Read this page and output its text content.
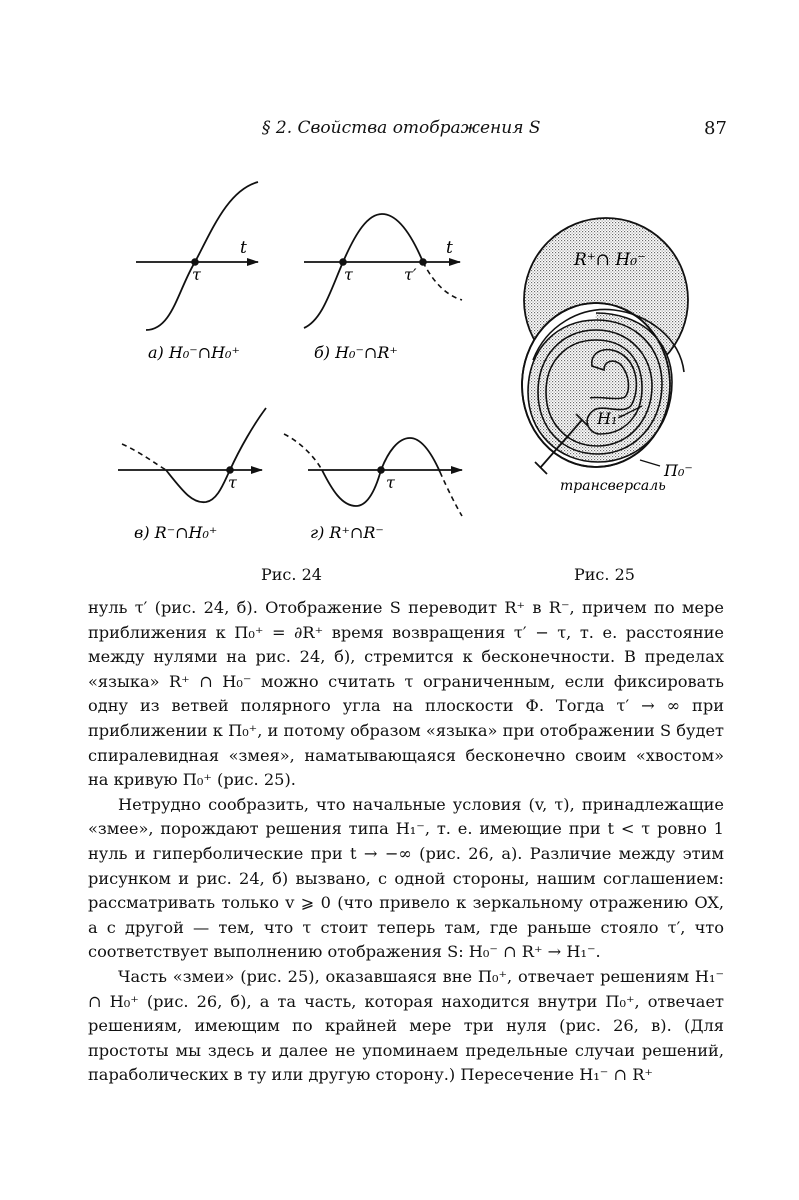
§ 2. Свойства отображения S	87
t
τ
а) H₀⁻∩H₀⁺
t
τ	τ′
б) H₀⁻∩R⁺
τ
в) R⁻∩H₀⁺
τ
г) R⁺∩R⁻
R⁺∩ H₀⁻
H₁⁻
Π₀⁻
трансверсаль
Рис. 24	Рис. 25

нуль τ′ (рис. 24, б). Отображение S переводит R⁺ в R⁻, причем по мере приближения к Π₀⁺ = ∂R⁺ время возвращения τ′ − τ, т. е. расстояние между нулями на рис. 24, б), стремится к бесконечности. В пределах «языка» R⁺ ∩ H₀⁻ можно считать τ ограниченным, если фиксировать одну из ветвей полярного угла на плоскости Φ. Тогда τ′ → ∞ при приближении к Π₀⁺, и потому образом «языка» при отображении S будет спиралевидная «змея», наматывающаяся бесконечно своим «хвостом» на кривую Π₀⁺ (рис. 25).

Нетрудно сообразить, что начальные условия (v, τ), принадлежащие «змее», порождают решения типа H₁⁻, т. е. имеющие при t < τ ровно 1 нуль и гиперболические при t → −∞ (рис. 26, а). Различие между этим рисунком и рис. 24, б) вызвано, с одной стороны, нашим соглашением: рассматривать только v ⩾ 0 (что привело к зеркальному отражению OX, а с другой — тем, что τ стоит теперь там, где раньше стояло τ′, что соответствует выполнению отображения S: H₀⁻ ∩ R⁺ → H₁⁻.

Часть «змеи» (рис. 25), оказавшаяся вне Π₀⁺, отвечает решениям H₁⁻ ∩ H₀⁺ (рис. 26, б), а та часть, которая находится внутри Π₀⁺, отвечает решениям, имеющим по крайней мере три нуля (рис. 26, в). (Для простоты мы здесь и далее не упоминаем предельные случаи решений, параболических в ту или другую сторону.) Пересечение H₁⁻ ∩ R⁺
